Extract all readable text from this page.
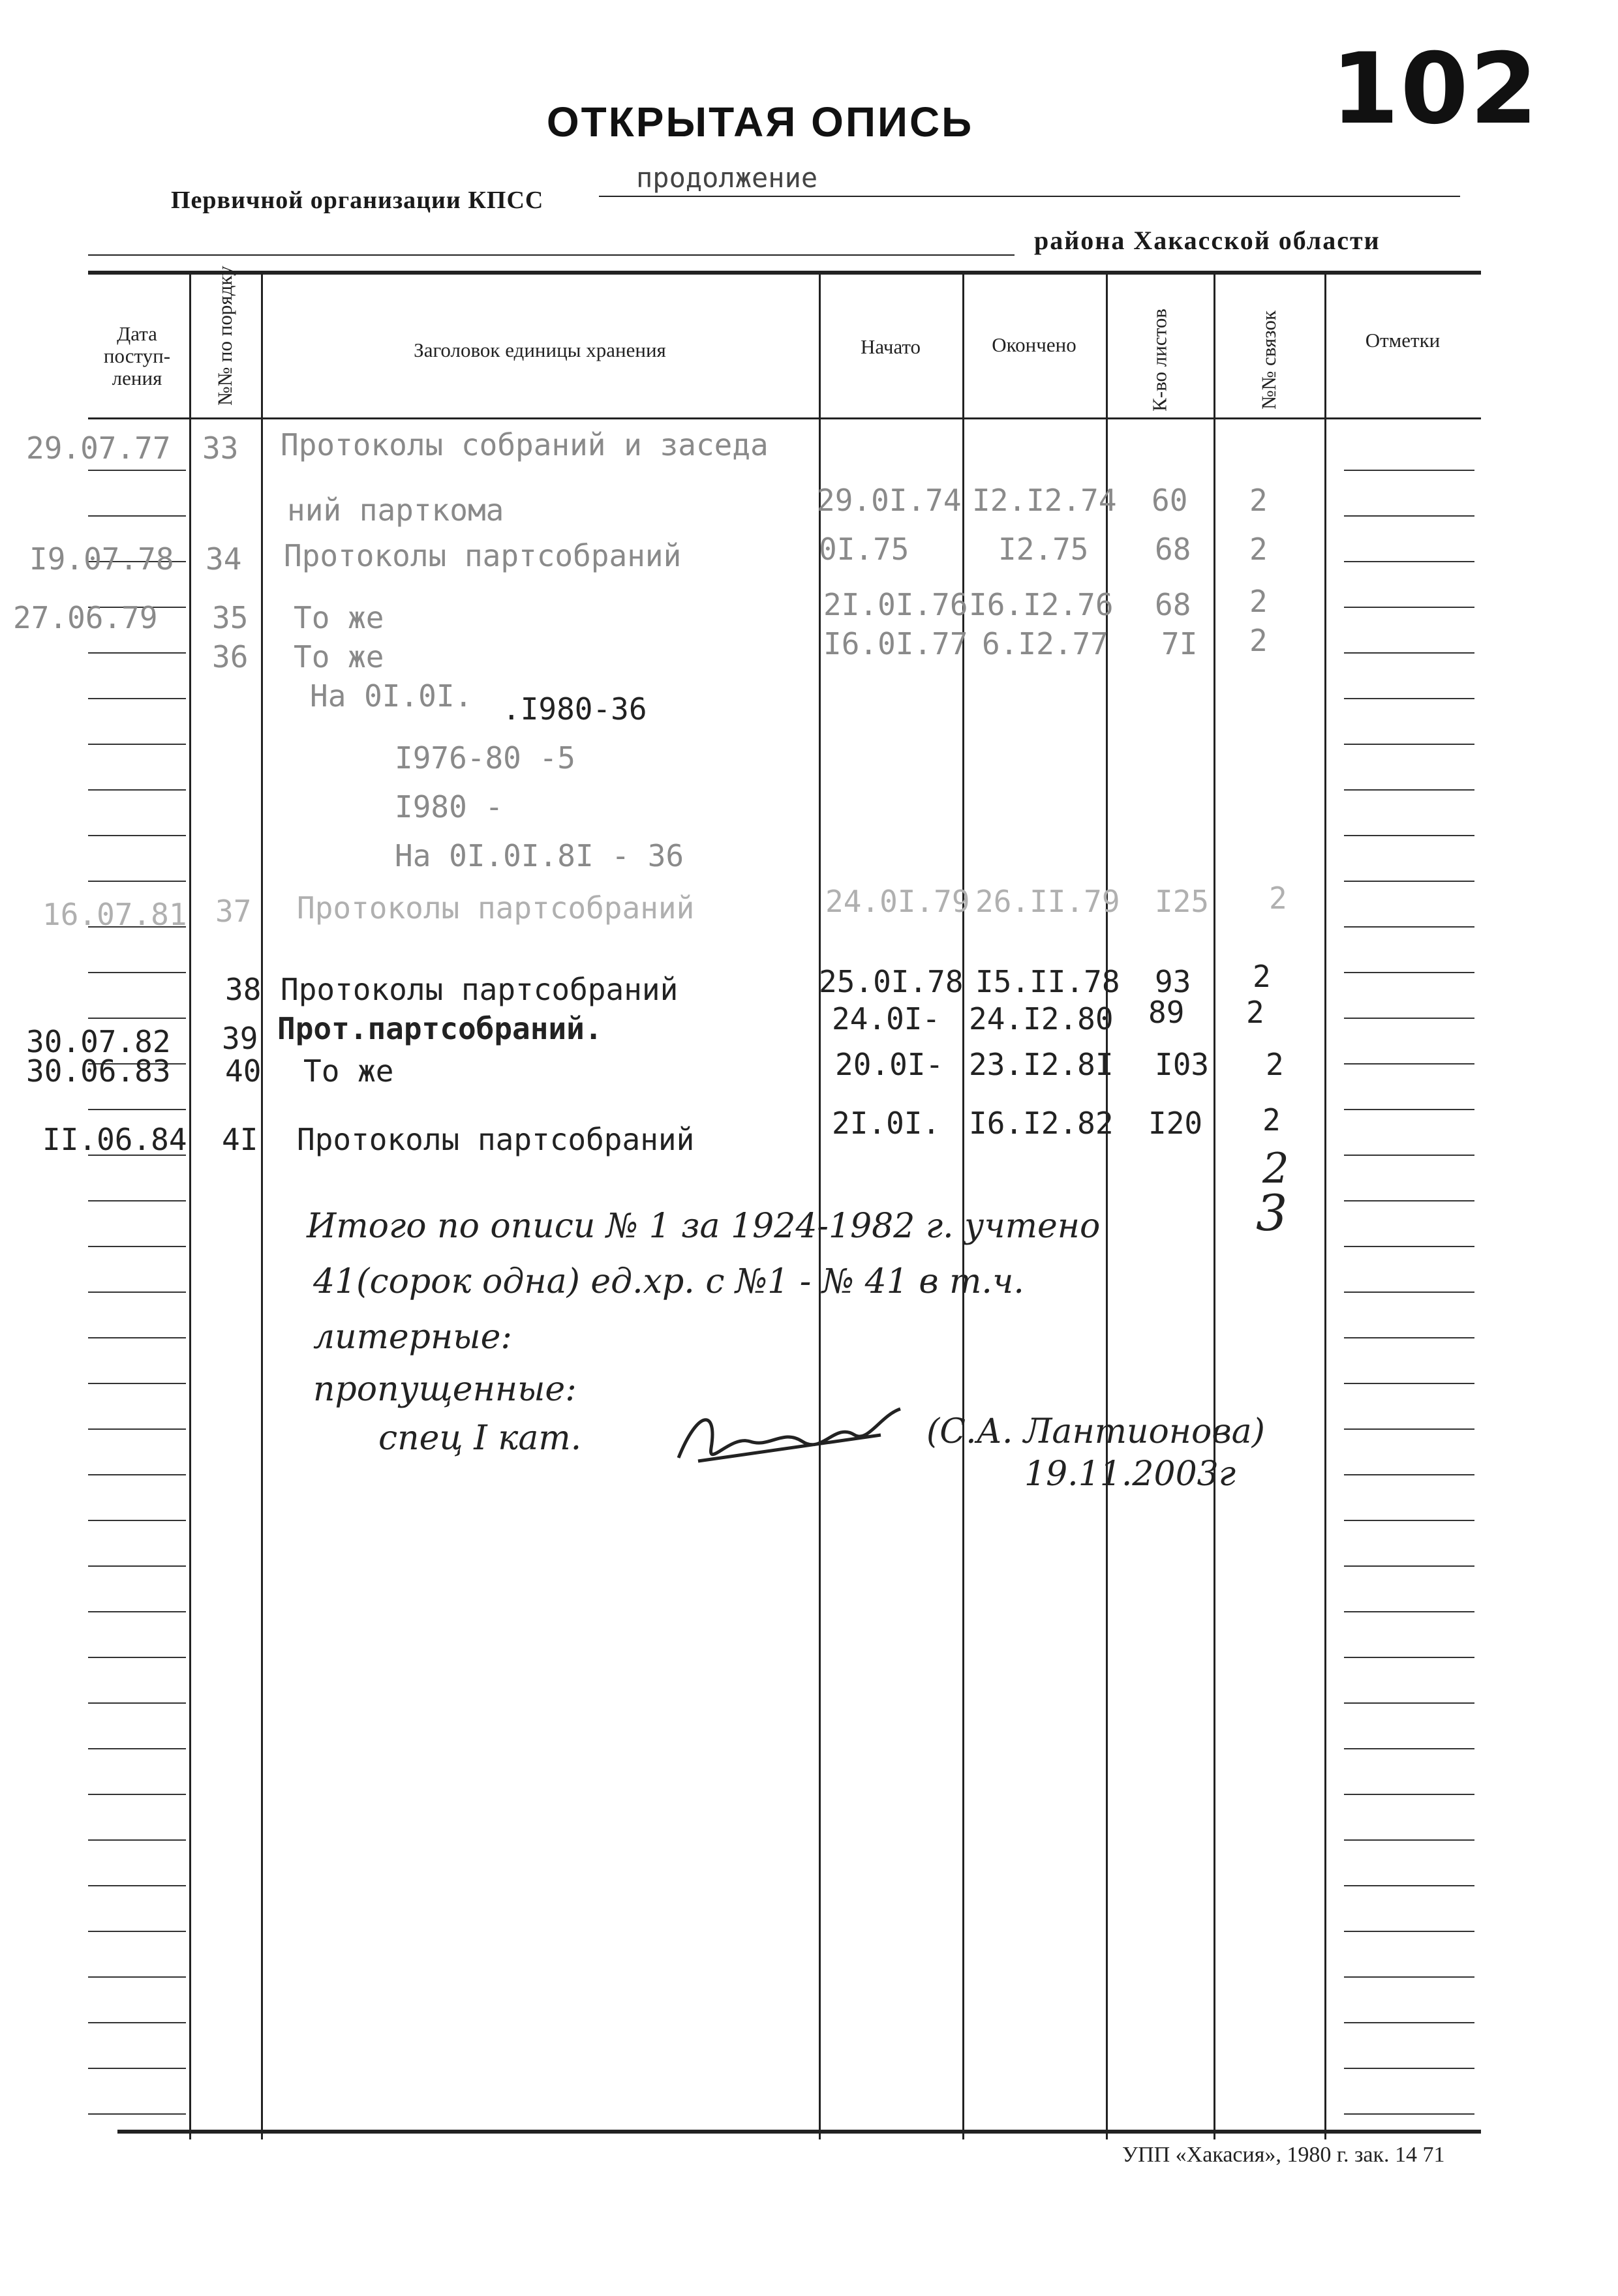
102
ОТКРЫТАЯ ОПИСЬ
Первичной организации КПСС
продолжение
района Хакасской области
Дата поступ-ления	№№ по порядку	Заголовок единицы хранения	Начато	Окончено	К-во листов	№№ связок	Отметки
29.07.77 33 Протоколы собраний и заседа
ний парткома	29.0I.74 I2.I2.74 60 2
I9.07.78 34 Протоколы партсобраний	0I.75	I2.75 68 2
27.06.79 35 То же	2I.0I.76 I6.I2.76 68 2
36 То же	I6.0I.77 6.I2.77 7I 2
На 0I.0I. .I980-36
I976-80 -5
I980 -
На 0I.0I.8I - 36
16.07.81 37 Протоколы партсобраний	24.0I.79 26.II.79 I25 2
38 Протоколы партсобраний	25.0I.78 I5.II.78 93 2
30.07.82 39 Прот.партсобраний.	24.0I- 24.I2.80 89 2
30.06.83 40 То же	20.0I- 23.I2.8I I03 2
II.06.84 4I Протоколы партсобраний	2I.0I. I6.I2.82 I20 2
2
3
Итого по описи № 1 за 1924-1982 г. учтено
41(сорок одна) ед.хр. с №1 - № 41 в т.ч.
литерные:
пропущенные:
спец I кат.	(С.А. Лантионова)
19.11.2003г
УПП «Хакасия», 1980 г. зак. 14 71
